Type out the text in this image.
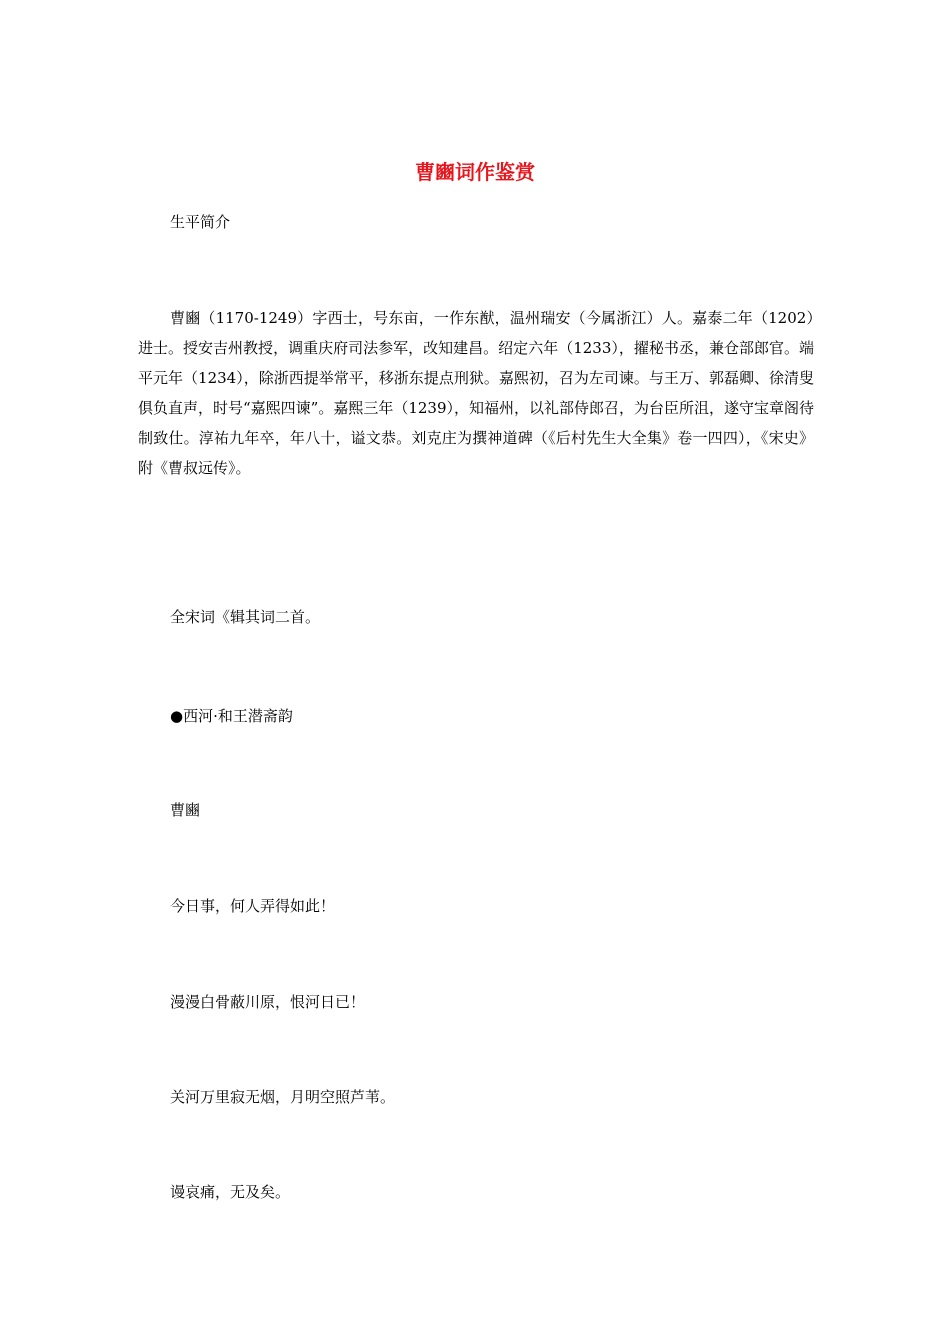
曹豳词作鉴赏

生平简介

曹豳（1170-1249）字西士，号东亩，一作东猷，温州瑞安（今属浙江）人。嘉泰二年（1202）进士。授安吉州教授，调重庆府司法参军，改知建昌。绍定六年（1233），擢秘书丞，兼仓部郎官。端平元年（1234），除浙西提举常平，移浙东提点刑狱。嘉熙初，召为左司谏。与王万、郭磊卿、徐清叟俱负直声，时号“嘉熙四谏”。嘉熙三年（1239），知福州，以礼部侍郎召，为台臣所沮，遂守宝章阁待制致仕。淳祐九年卒，年八十，谥文恭。刘克庄为撰神道碑（《后村先生大全集》卷一四四），《宋史》附《曹叔远传》。

全宋词《辑其词二首。

●西河·和王潜斋韵

曹豳

今日事，何人弄得如此！

漫漫白骨蔽川原，恨河日已！

关河万里寂无烟，月明空照芦苇。

谩哀痛，无及矣。
